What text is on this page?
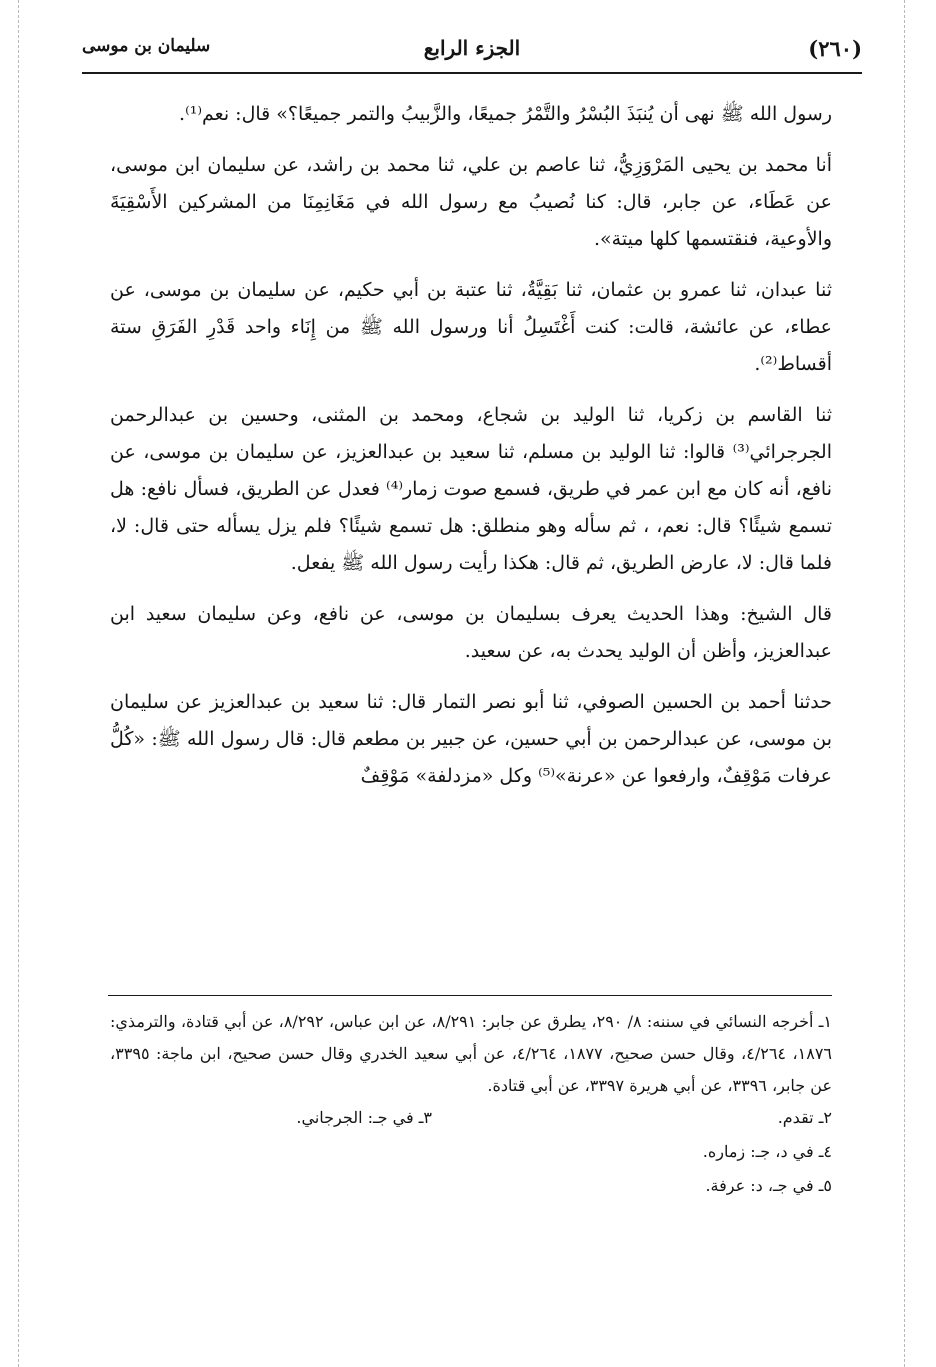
(٢٦٠)
الجزء الرابع
سليمان بن موسى

رسول الله ﷺ نهى أن يُنبَذَ البُسْرُ والتَّمْرُ جميعًا، والزَّبيبُ والتمر جميعًا؟» قال: نعم⁽¹⁾.

أنا محمد بن يحيى المَرْوَزِيُّ، ثنا عاصم بن علي، ثنا محمد بن راشد، عن سليمان ابن موسى، عن عَطَاء، عن جابر، قال: كنا نُصيبُ مع رسول الله في مَغَانِمِنَا من المشركين الأَسْقِيَةَ والأوعية، فنقتسمها كلها ميتة».

ثنا عبدان، ثنا عمرو بن عثمان، ثنا بَقِيَّةُ، ثنا عتبة بن أبي حكيم، عن سليمان بن موسى، عن عطاء، عن عائشة، قالت: كنت أَغْتَسِلُ أنا ورسول الله ﷺ من إِنَاء واحد قَدْرِ الفَرَقِ ستة أقساط⁽²⁾.

ثنا القاسم بن زكريا، ثنا الوليد بن شجاع، ومحمد بن المثنى، وحسين بن عبدالرحمن الجرجرائي⁽³⁾ قالوا: ثنا الوليد بن مسلم، ثنا سعيد بن عبدالعزيز، عن سليمان بن موسى، عن نافع، أنه كان مع ابن عمر في طريق، فسمع صوت زمار⁽⁴⁾ فعدل عن الطريق، فسأل نافع: هل تسمع شيئًا؟ قال: نعم، ، ثم سأله وهو منطلق: هل تسمع شيئًا؟ فلم يزل يسأله حتى قال: لا، فلما قال: لا، عارض الطريق، ثم قال: هكذا رأيت رسول الله ﷺ يفعل.

قال الشيخ: وهذا الحديث يعرف بسليمان بن موسى، عن نافع، وعن سليمان سعيد ابن عبدالعزيز، وأظن أن الوليد يحدث به، عن سعيد.

حدثنا أحمد بن الحسين الصوفي، ثنا أبو نصر التمار قال: ثنا سعيد بن عبدالعزيز عن سليمان بن موسى، عن عبدالرحمن بن أبي حسين، عن جبير بن مطعم قال: قال رسول الله ﷺ: «كُلُّ عرفات مَوْقِفٌ، وارفعوا عن «عرنة»⁽⁵⁾ وكل «مزدلفة» مَوْقِفٌ

١ـ أخرجه النسائي في سننه: ٨/ ٢٩٠، يطرق عن جابر: ٨/٢٩١، عن ابن عباس، ٨/٢٩٢، عن أبي قتادة، والترمذي: ١٨٧٦، ٤/٢٦٤، وقال حسن صحيح، ١٨٧٧، ٤/٢٦٤، عن أبي سعيد الخدري وقال حسن صحيح، ابن ماجة: ٣٣٩٥، عن جابر، ٣٣٩٦، عن أبي هريرة ٣٣٩٧، عن أبي قتادة.

٢ـ تقدم.
٣ـ في جـ: الجرجاني.

٤ـ في د، جـ: زماره.

٥ـ في جـ، د: عرفة.
